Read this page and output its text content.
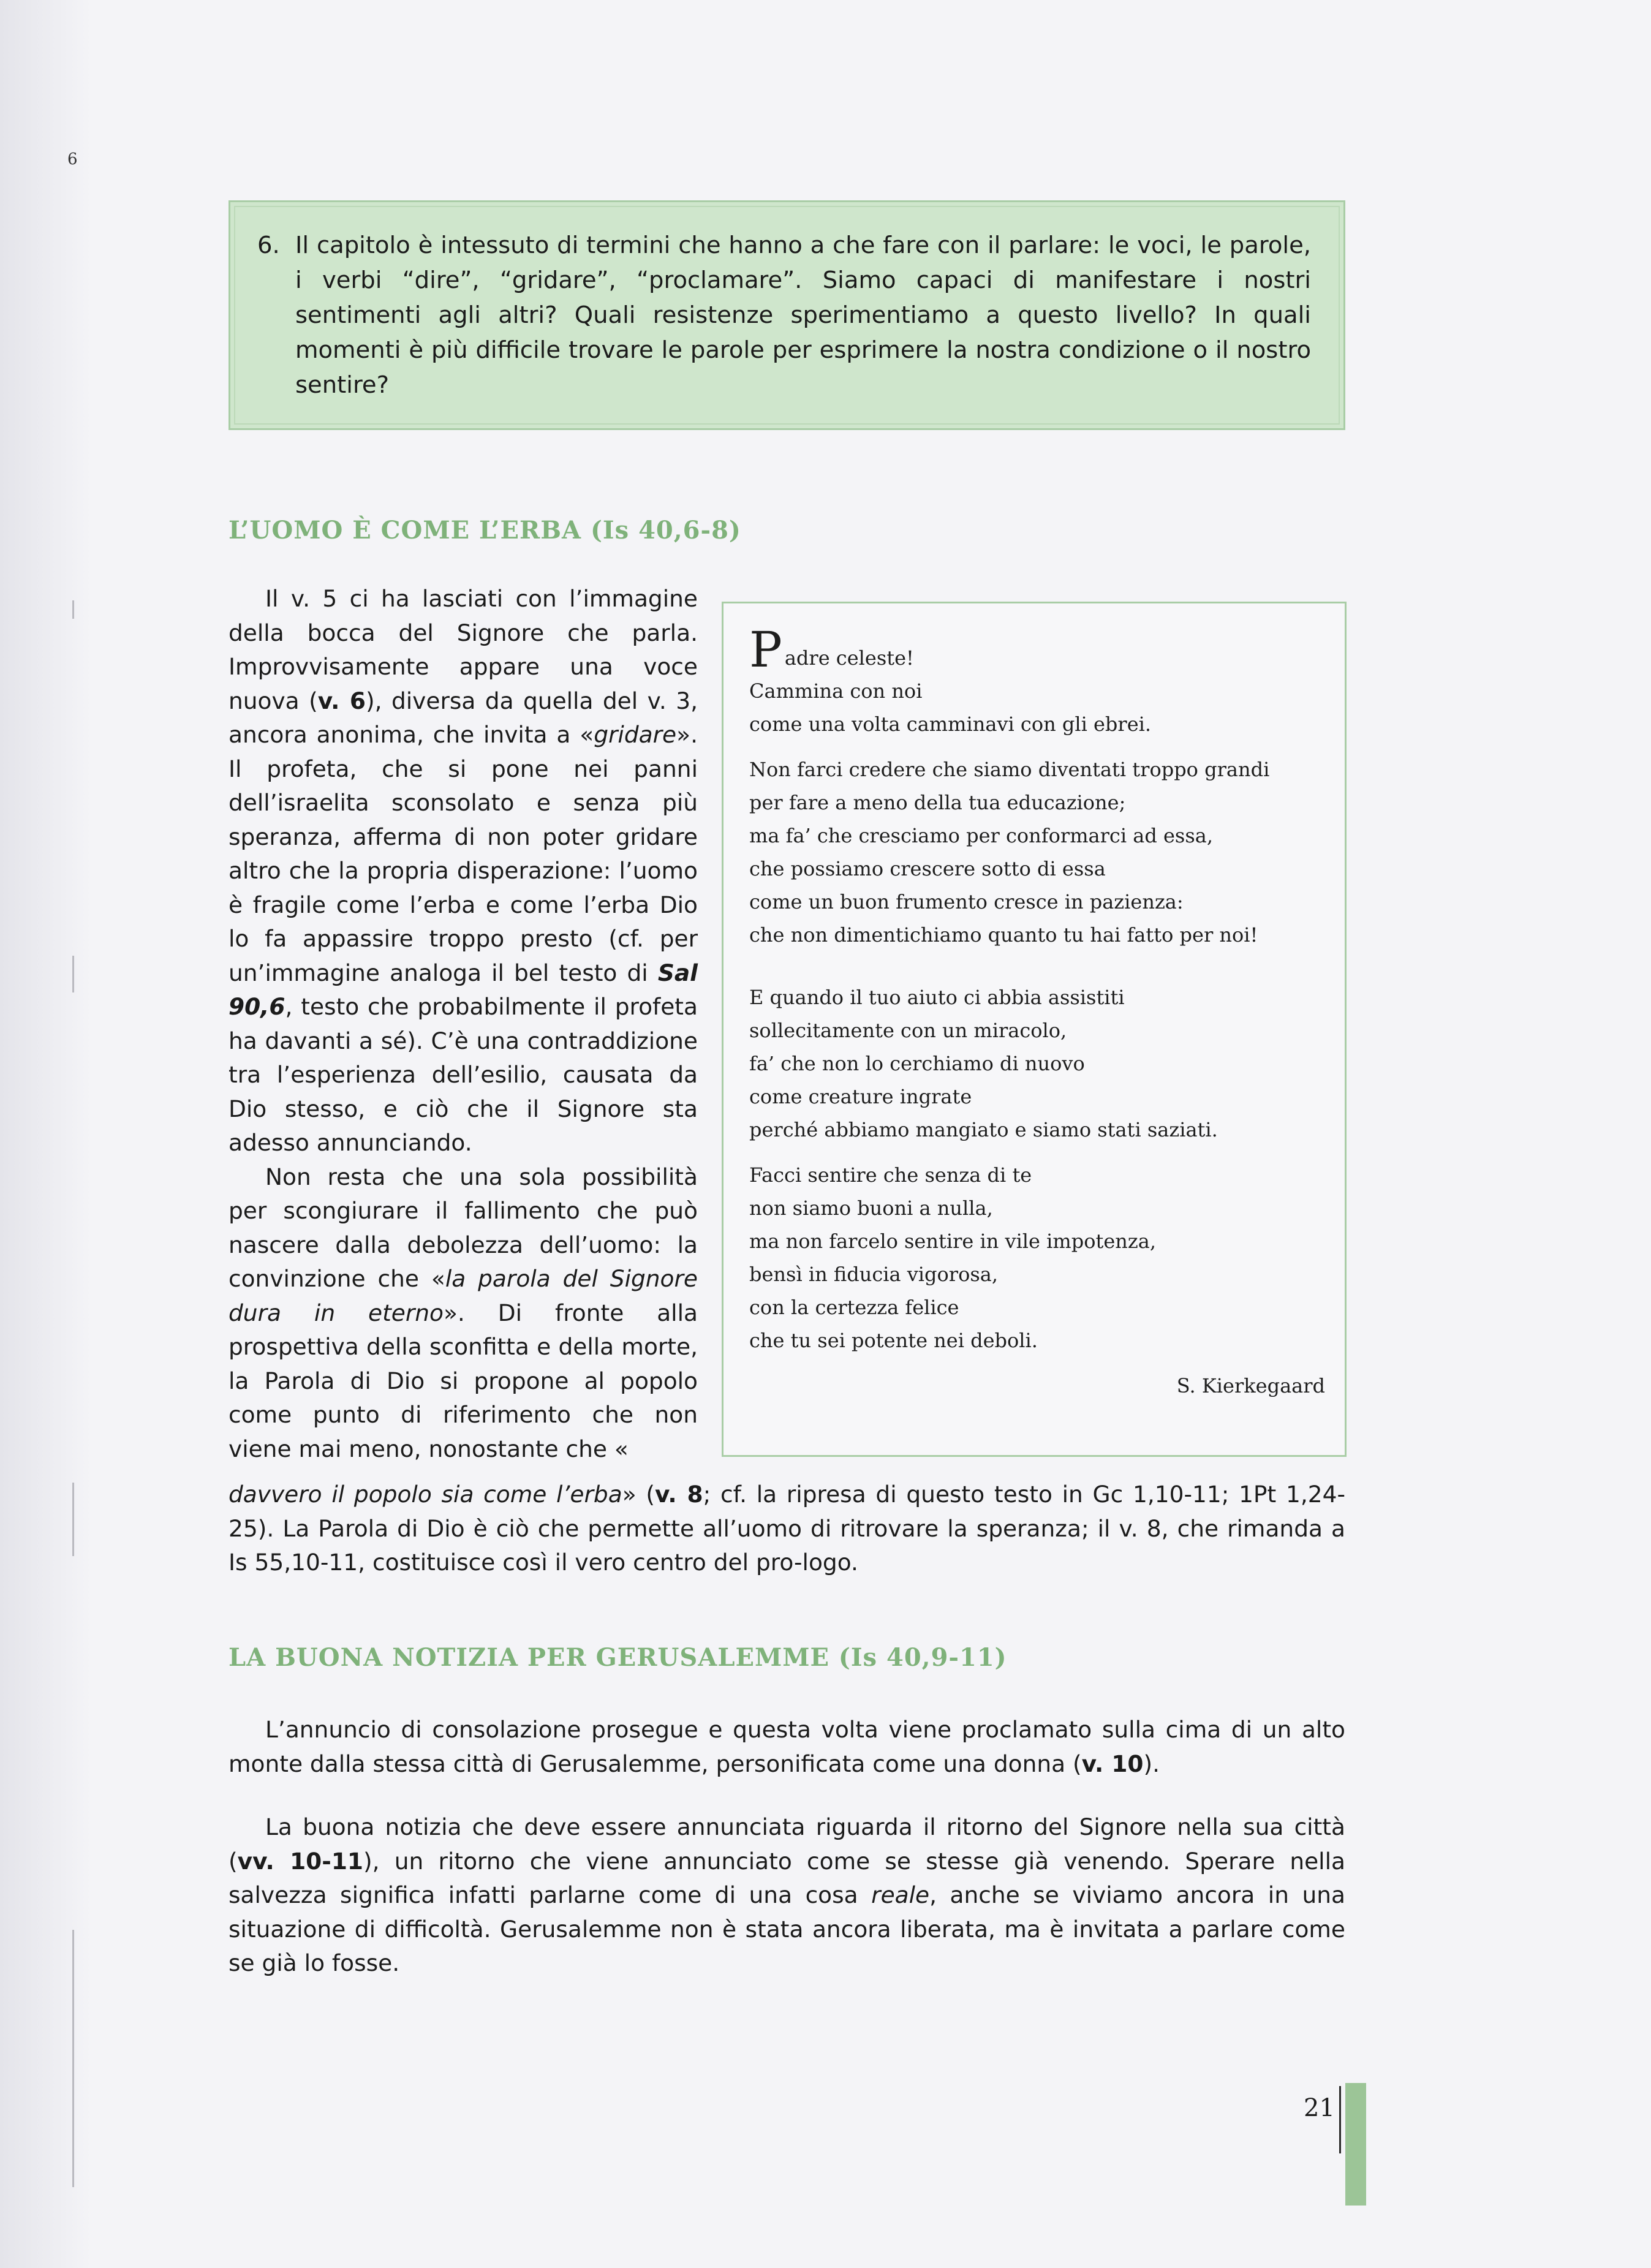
6
6. Il capitolo è intessuto di termini che hanno a che fare con il parlare: le voci, le parole, i verbi “dire”, “gridare”, “proclamare”. Siamo capaci di manifestare i nostri sentimenti agli altri? Quali resistenze sperimentiamo a questo livello? In quali momenti è più difficile trovare le parole per esprimere la nostra condizione o il nostro sentire?
L’UOMO È COME L’ERBA (Is 40,6-8)

Il v. 5 ci ha lasciati con l’immagine della bocca del Signore che parla. Improvvisamente appare una voce nuova (v. 6), diversa da quella del v. 3, ancora anonima, che invita a «gridare». Il profeta, che si pone nei panni dell’israelita sconsolato e senza più speranza, afferma di non poter gridare altro che la propria disperazione: l’uomo è fragile come l’erba e come l’erba Dio lo fa appassire troppo presto (cf. per un’immagine analoga il bel testo di Sal 90,6, testo che probabilmente il profeta ha davanti a sé). C’è una contraddizione tra l’esperienza dell’esilio, causata da Dio stesso, e ciò che il Signore sta adesso annunciando.

Non resta che una sola possibilità per scongiurare il fallimento che può nascere dalla debolezza dell’uomo: la convinzione che «la parola del Signore dura in eterno». Di fronte alla prospettiva della sconfitta e della morte, la Parola di Dio si propone al popolo come punto di riferimento che non viene mai meno, nonostante che «

P adre celeste!
Cammina con noi
come una volta camminavi con gli ebrei.
Non farci credere che siamo diventati troppo grandi
per fare a meno della tua educazione;
ma fa’ che cresciamo per conformarci ad essa,
che possiamo crescere sotto di essa
come un buon frumento cresce in pazienza:
che non dimentichiamo quanto tu hai fatto per noi!
E quando il tuo aiuto ci abbia assistiti
sollecitamente con un miracolo,
fa’ che non lo cerchiamo di nuovo
come creature ingrate
perché abbiamo mangiato e siamo stati saziati.
Facci sentire che senza di te
non siamo buoni a nulla,
ma non farcelo sentire in vile impotenza,
bensì in fiducia vigorosa,
con la certezza felice
che tu sei potente nei deboli.
S. Kierkegaard

davvero il popolo sia come l’erba» (v. 8; cf. la ripresa di questo testo in Gc 1,10-11; 1Pt 1,24-25). La Parola di Dio è ciò che permette all’uomo di ritrovare la speranza; il v. 8, che rimanda a Is 55,10-11, costituisce così il vero centro del pro-logo.

LA BUONA NOTIZIA PER GERUSALEMME (Is 40,9-11)

L’annuncio di consolazione prosegue e questa volta viene proclamato sulla cima di un alto monte dalla stessa città di Gerusalemme, personificata come una donna (v. 10).

La buona notizia che deve essere annunciata riguarda il ritorno del Signore nella sua città (vv. 10-11), un ritorno che viene annunciato come se stesse già venendo. Sperare nella salvezza significa infatti parlarne come di una cosa reale, anche se viviamo ancora in una situazione di difficoltà. Gerusalemme non è stata ancora liberata, ma è invitata a parlare come se già lo fosse.

21
